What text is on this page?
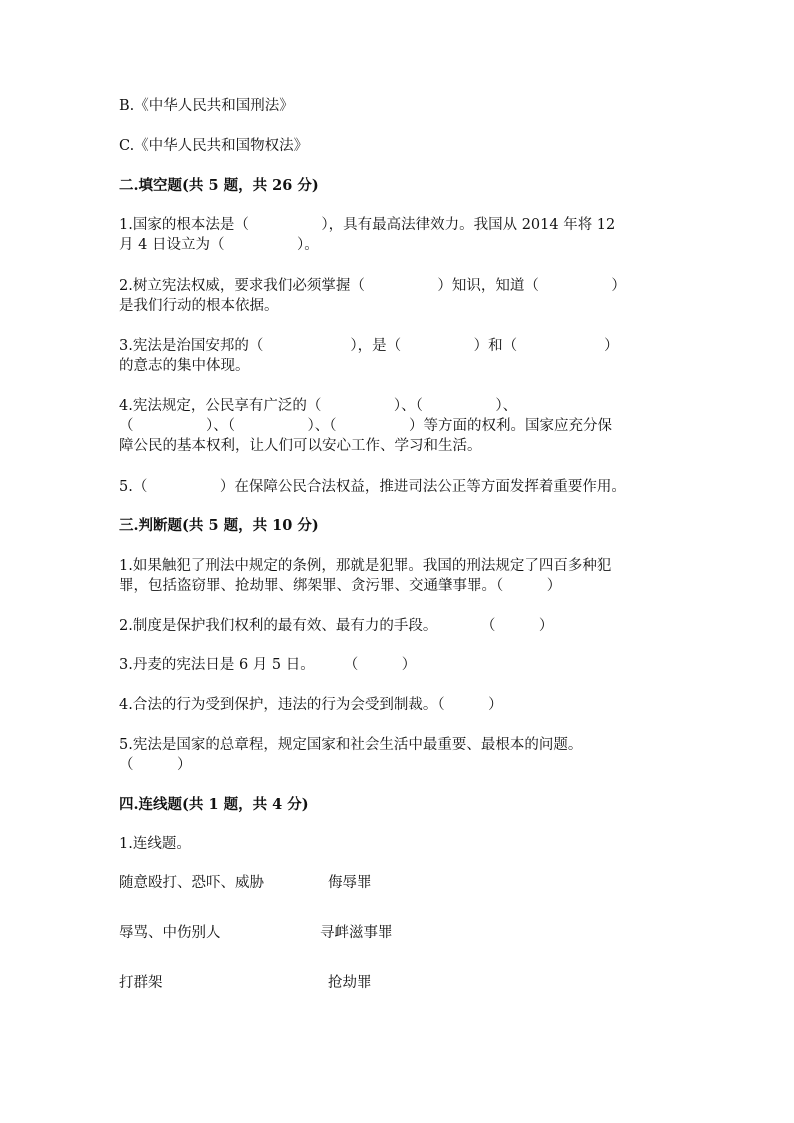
B.《中华人民共和国刑法》
C.《中华人民共和国物权法》
二.填空题(共 5 题，共 26 分)
1.国家的根本法是（　　　　　），具有最高法律效力。我国从 2014 年将 12
月 4 日设立为（　　　　　）。
2.树立宪法权威，要求我们必须掌握（　　　　　）知识，知道（　　　　　）
是我们行动的根本依据。
3.宪法是治国安邦的（　　　　　　），是（　　　　　）和（　　　　　　）
的意志的集中体现。
4.宪法规定，公民享有广泛的（　　　　　）、（　　　　　）、
（　　　　　）、（　　　　　）、（　　　　　）等方面的权利。国家应充分保
障公民的基本权利，让人们可以安心工作、学习和生活。
5.（　　　　　）在保障公民合法权益，推进司法公正等方面发挥着重要作用。
三.判断题(共 5 题，共 10 分)
1.如果触犯了刑法中规定的条例，那就是犯罪。我国的刑法规定了四百多种犯
罪，包括盗窃罪、抢劫罪、绑架罪、贪污罪、交通肇事罪。（　　　）
2.制度是保护我们权利的最有效、最有力的手段。　　　　（　　　）
3.丹麦的宪法日是 6 月 5 日。　　　（　　　）
4.合法的行为受到保护，违法的行为会受到制裁。（　　　）
5.宪法是国家的总章程，规定国家和社会生活中最重要、最根本的问题。
（　　　）
四.连线题(共 1 题，共 4 分)
1.连线题。
随意殴打、恐吓、威胁	侮辱罪
辱骂、中伤别人	寻衅滋事罪
打群架	抢劫罪
